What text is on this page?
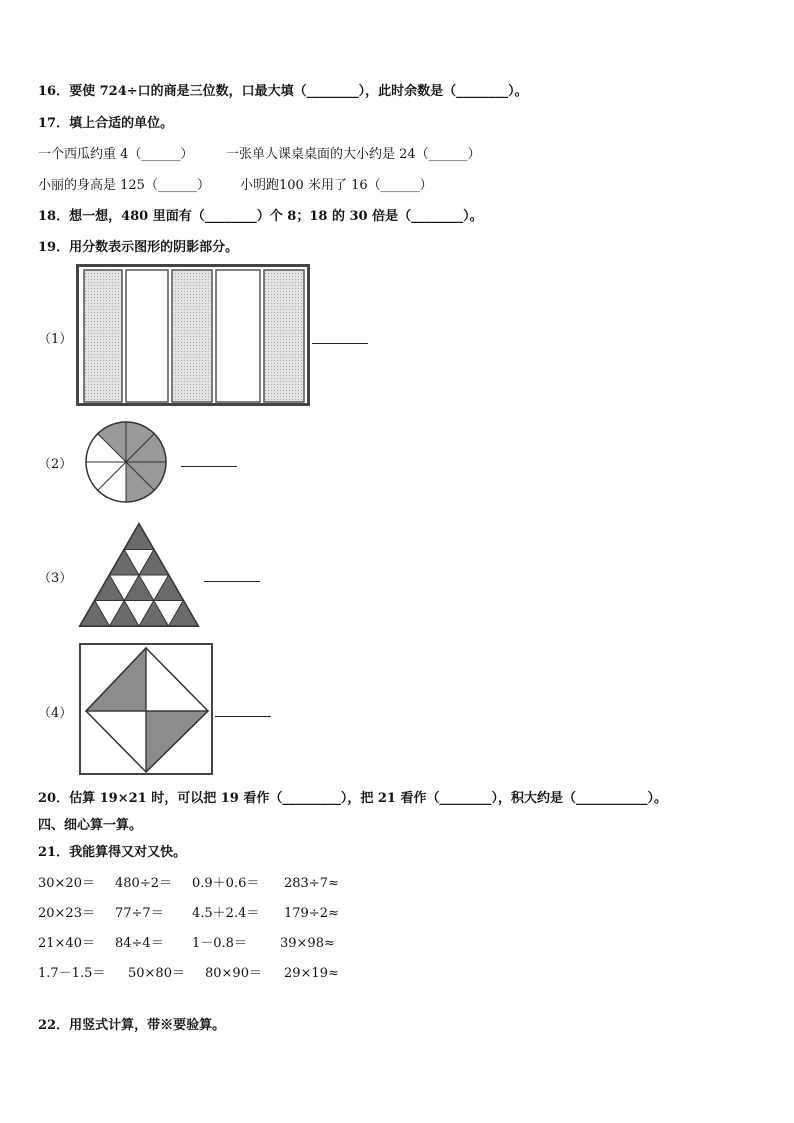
16．要使 724÷口的商是三位数，口最大填（________），此时余数是（________）。
17．填上合适的单位。
一个西瓜约重 4（______）	一张单人课桌桌面的大小约是 24（______）
小丽的身高是 125（______） 小明跑100 米用了 16（______）
18．想一想，480 里面有（________）个 8；18 的 30 倍是（________）。
19．用分数表示图形的阴影部分。
（1）
（2）
（3）
（4）
20．估算 19×21 时，可以把 19 看作（_________），把 21 看作（________），积大约是（___________）。
四、细心算一算。
21．我能算得又对又快。
30×20＝ 480÷2＝ 0.9＋0.6＝ 283÷7≈
20×23＝ 77÷7＝ 4.5＋2.4＝ 179÷2≈
21×40＝ 84÷4＝ 1－0.8＝	39×98≈
1.7－1.5＝ 50×80＝ 80×90＝ 29×19≈
22．用竖式计算，带※要验算。
